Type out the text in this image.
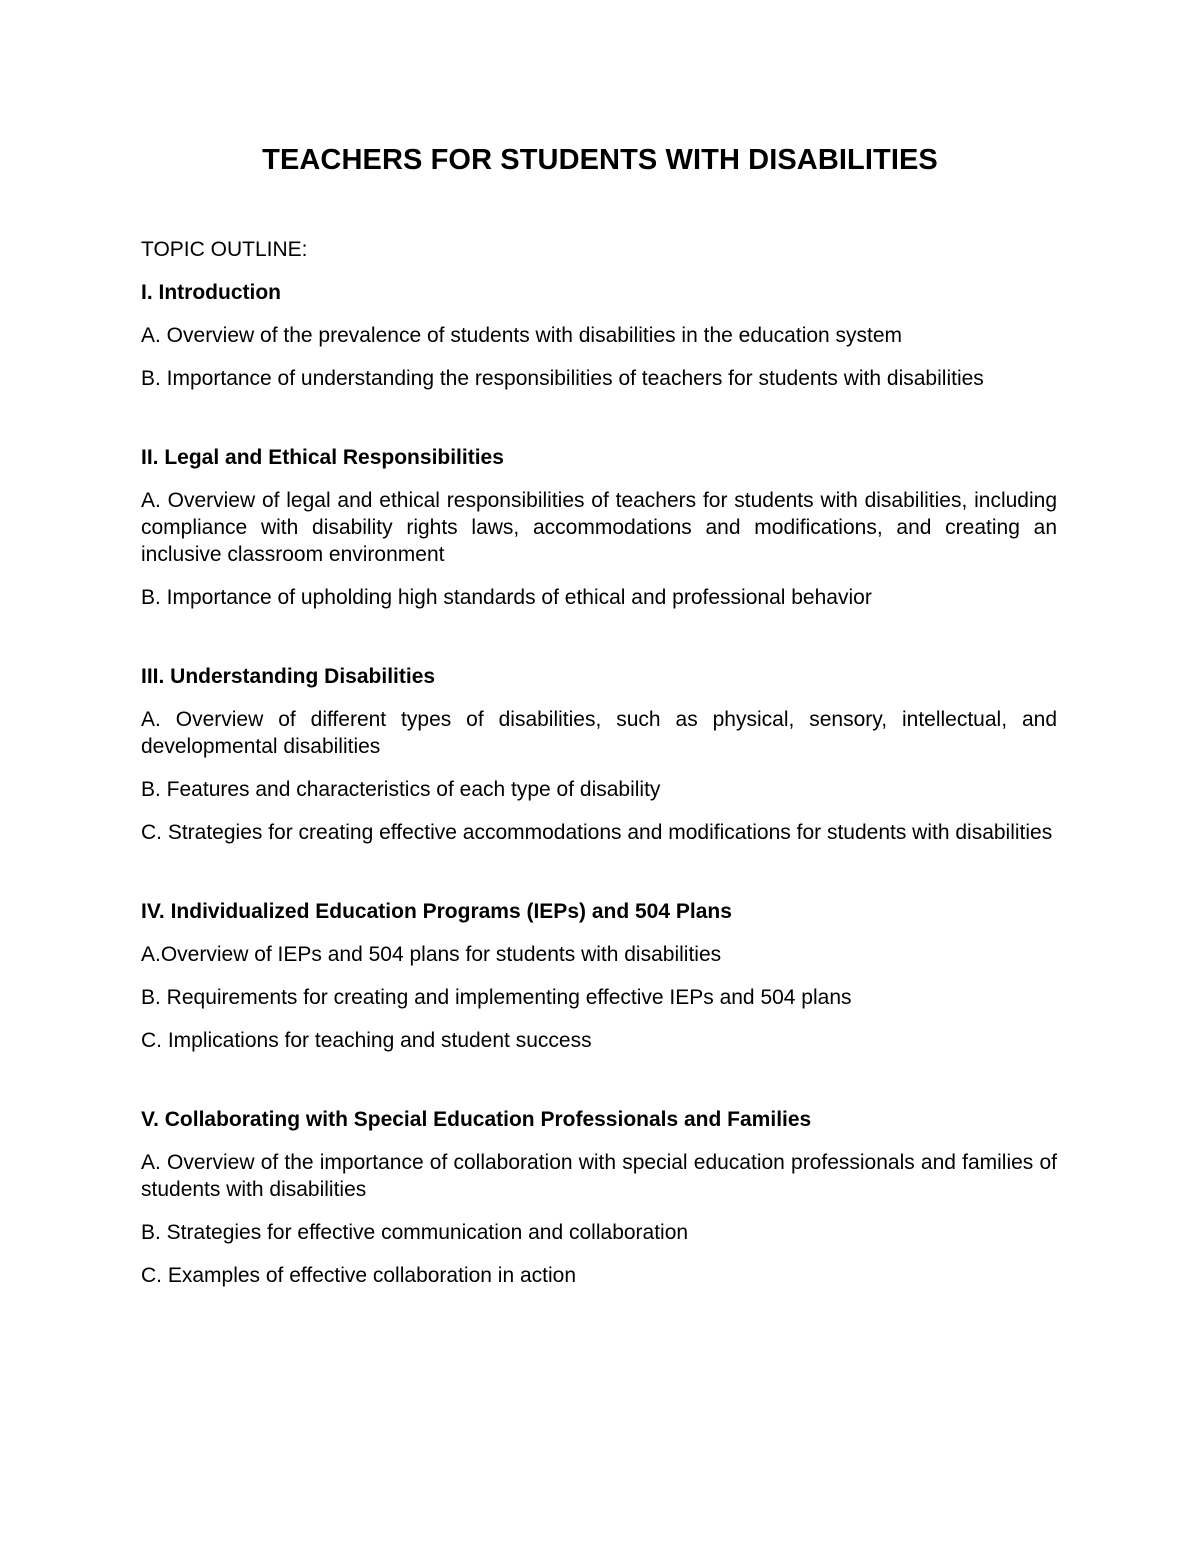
TEACHERS FOR STUDENTS WITH DISABILITIES

TOPIC OUTLINE:

I. Introduction

A. Overview of the prevalence of students with disabilities in the education system

B. Importance of understanding the responsibilities of teachers for students with disabilities

II. Legal and Ethical Responsibilities

A. Overview of legal and ethical responsibilities of teachers for students with disabilities, including compliance with disability rights laws, accommodations and modifications, and creating an inclusive classroom environment

B. Importance of upholding high standards of ethical and professional behavior

III. Understanding Disabilities

A. Overview of different types of disabilities, such as physical, sensory, intellectual, and developmental disabilities

B. Features and characteristics of each type of disability

C. Strategies for creating effective accommodations and modifications for students with disabilities

IV. Individualized Education Programs (IEPs) and 504 Plans

A.Overview of IEPs and 504 plans for students with disabilities

B. Requirements for creating and implementing effective IEPs and 504 plans

C. Implications for teaching and student success

V. Collaborating with Special Education Professionals and Families

A. Overview of the importance of collaboration with special education professionals and families of students with disabilities

B. Strategies for effective communication and collaboration

C. Examples of effective collaboration in action
